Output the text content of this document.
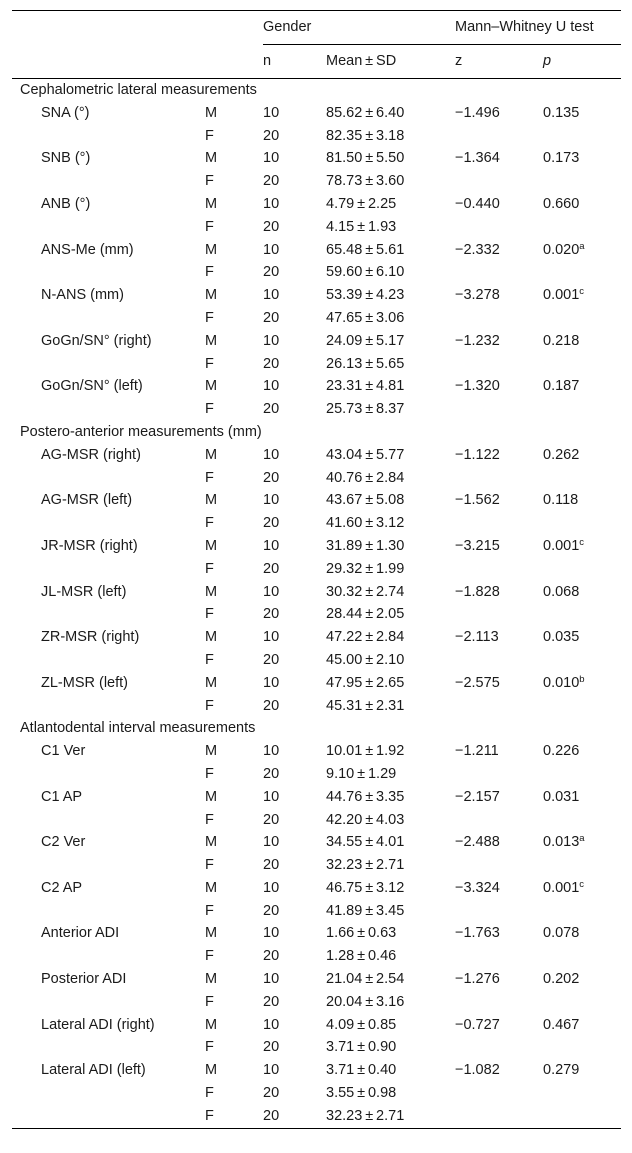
		Gender		Mann–Whitney U test	
		n	Mean ± SD	z	p
Cephalometric lateral measurements					
SNA (°)	M	10	85.62 ± 6.40	−1.496	0.135
	F	20	82.35 ± 3.18		
SNB (°)	M	10	81.50 ± 5.50	−1.364	0.173
	F	20	78.73 ± 3.60		
ANB (°)	M	10	4.79 ± 2.25	−0.440	0.660
	F	20	4.15 ± 1.93		
ANS-Me (mm)	M	10	65.48 ± 5.61	−2.332	0.020$^a$
	F	20	59.60 ± 6.10		
N-ANS (mm)	M	10	53.39 ± 4.23	−3.278	0.001$^c$
	F	20	47.65 ± 3.06		
GoGn/SN° (right)	M	10	24.09 ± 5.17	−1.232	0.218
	F	20	26.13 ± 5.65		
GoGn/SN° (left)	M	10	23.31 ± 4.81	−1.320	0.187
	F	20	25.73 ± 8.37		
Postero-anterior measurements (mm)					
AG-MSR (right)	M	10	43.04 ± 5.77	−1.122	0.262
	F	20	40.76 ± 2.84		
AG-MSR (left)	M	10	43.67 ± 5.08	−1.562	0.118
	F	20	41.60 ± 3.12		
JR-MSR (right)	M	10	31.89 ± 1.30	−3.215	0.001$^c$
	F	20	29.32 ± 1.99		
JL-MSR (left)	M	10	30.32 ± 2.74	−1.828	0.068
	F	20	28.44 ± 2.05		
ZR-MSR (right)	M	10	47.22 ± 2.84	−2.113	0.035
	F	20	45.00 ± 2.10		
ZL-MSR (left)	M	10	47.95 ± 2.65	−2.575	0.010$^b$
	F	20	45.31 ± 2.31		
Atlantodental interval measurements					
C1 Ver	M	10	10.01 ± 1.92	−1.211	0.226
	F	20	9.10 ± 1.29		
C1 AP	M	10	44.76 ± 3.35	−2.157	0.031
	F	20	42.20 ± 4.03		
C2 Ver	M	10	34.55 ± 4.01	−2.488	0.013$^a$
	F	20	32.23 ± 2.71		
C2 AP	M	10	46.75 ± 3.12	−3.324	0.001$^c$
	F	20	41.89 ± 3.45		
Anterior ADI	M	10	1.66 ± 0.63	−1.763	0.078
	F	20	1.28 ± 0.46		
Posterior ADI	M	10	21.04 ± 2.54	−1.276	0.202
	F	20	20.04 ± 3.16		
Lateral ADI (right)	M	10	4.09 ± 0.85	−0.727	0.467
	F	20	3.71 ± 0.90		
Lateral ADI (left)	M	10	3.71 ± 0.40	−1.082	0.279
	F	20	3.55 ± 0.98		
	F	20	32.23 ± 2.71		
